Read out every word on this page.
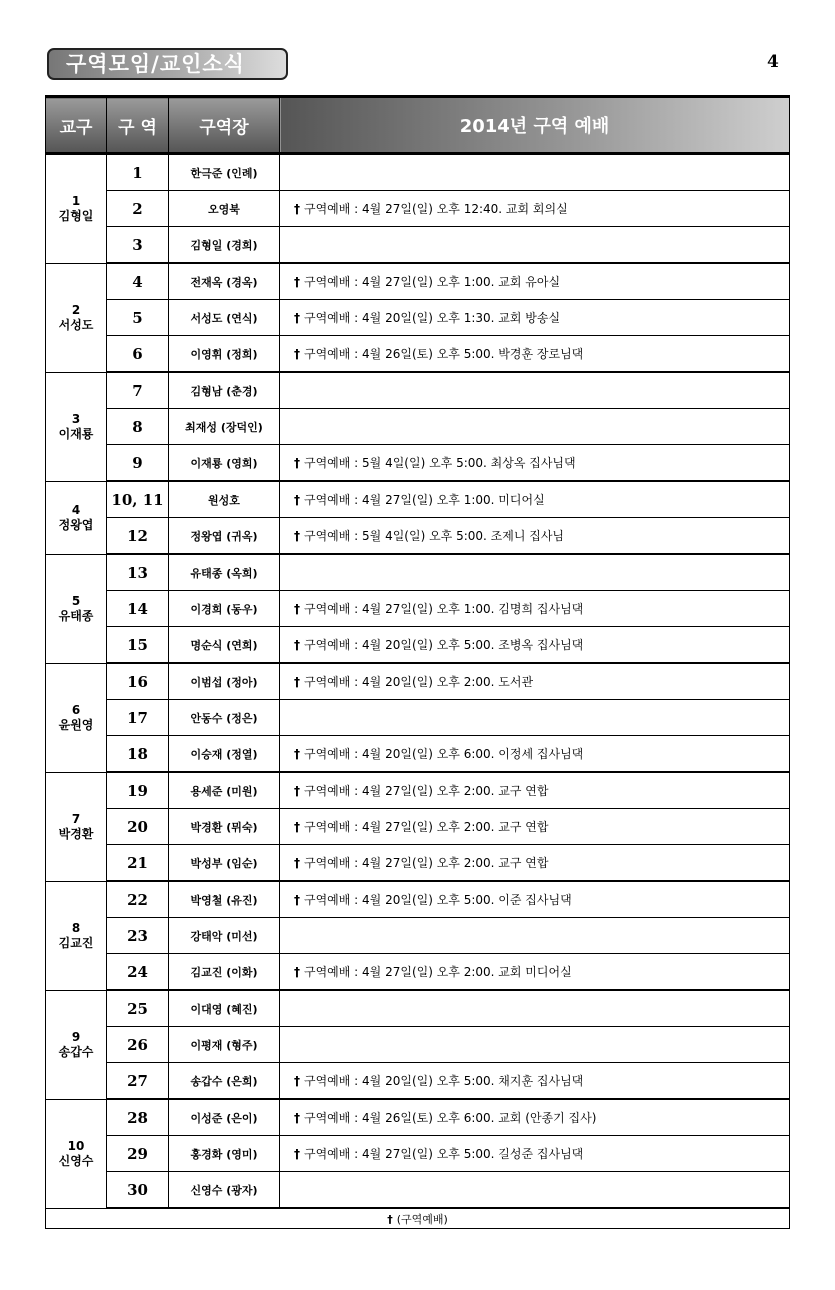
구역모임/교인소식	4
교구	구 역	구역장	2014년 구역 예배

1
김형일	1	한극준 (인례)	
	2	오영북	† 구역예배 : 4월 27일(일) 오후 12:40. 교회 회의실
	3	김형일 (경희)	

2
서성도	4	전재옥 (경옥)	† 구역예배 : 4월 27일(일) 오후 1:00. 교회 유아실
	5	서성도 (연식)	† 구역예배 : 4월 20일(일) 오후 1:30. 교회 방송실
	6	이영휘 (정희)	† 구역예배 : 4월 26일(토) 오후 5:00. 박경훈 장로님댁

3
이재룡	7	김형남 (춘경)	
	8	최재성 (장덕인)	
	9	이재룡 (영희)	† 구역예배 : 5월 4일(일) 오후 5:00. 최상옥 집사님댁

4
정왕엽	10, 11	원성호	† 구역예배 : 4월 27일(일) 오후 1:00. 미디어실
	12	정왕엽 (귀옥)	† 구역예배 : 5월 4일(일) 오후 5:00. 조제니 집사님

5
유태종	13	유태종 (옥희)	
	14	이경희 (동우)	† 구역예배 : 4월 27일(일) 오후 1:00. 김명희 집사님댁
	15	명순식 (연희)	† 구역예배 : 4월 20일(일) 오후 5:00. 조병옥 집사님댁

6
윤원영	16	이범섭 (정아)	† 구역예배 : 4월 20일(일) 오후 2:00. 도서관
	17	안동수 (정은)	
	18	이승재 (정열)	† 구역예배 : 4월 20일(일) 오후 6:00. 이정세 집사님댁

7
박경환	19	용세준 (미원)	† 구역예배 : 4월 27일(일) 오후 2:00. 교구 연합
	20	박경환 (뮈숙)	† 구역예배 : 4월 27일(일) 오후 2:00. 교구 연합
	21	박성부 (임순)	† 구역예배 : 4월 27일(일) 오후 2:00. 교구 연합

8
김교진	22	박영철 (유진)	† 구역예배 : 4월 20일(일) 오후 5:00. 이준 집사님댁
	23	강태악 (미선)	
	24	김교진 (이화)	† 구역예배 : 4월 27일(일) 오후 2:00. 교회 미디어실

9
송갑수	25	이대영 (혜진)	
	26	이평재 (형주)	
	27	송갑수 (은희)	† 구역예배 : 4월 20일(일) 오후 5:00. 채지훈 집사님댁

10
신영수	28	이성준 (은이)	† 구역예배 : 4월 26일(토) 오후 6:00. 교회 (안종기 집사)
	29	홍경화 (영미)	† 구역예배 : 4월 27일(일) 오후 5:00. 길성준 집사님댁
	30	신영수 (광자)	
† (구역예배)			
